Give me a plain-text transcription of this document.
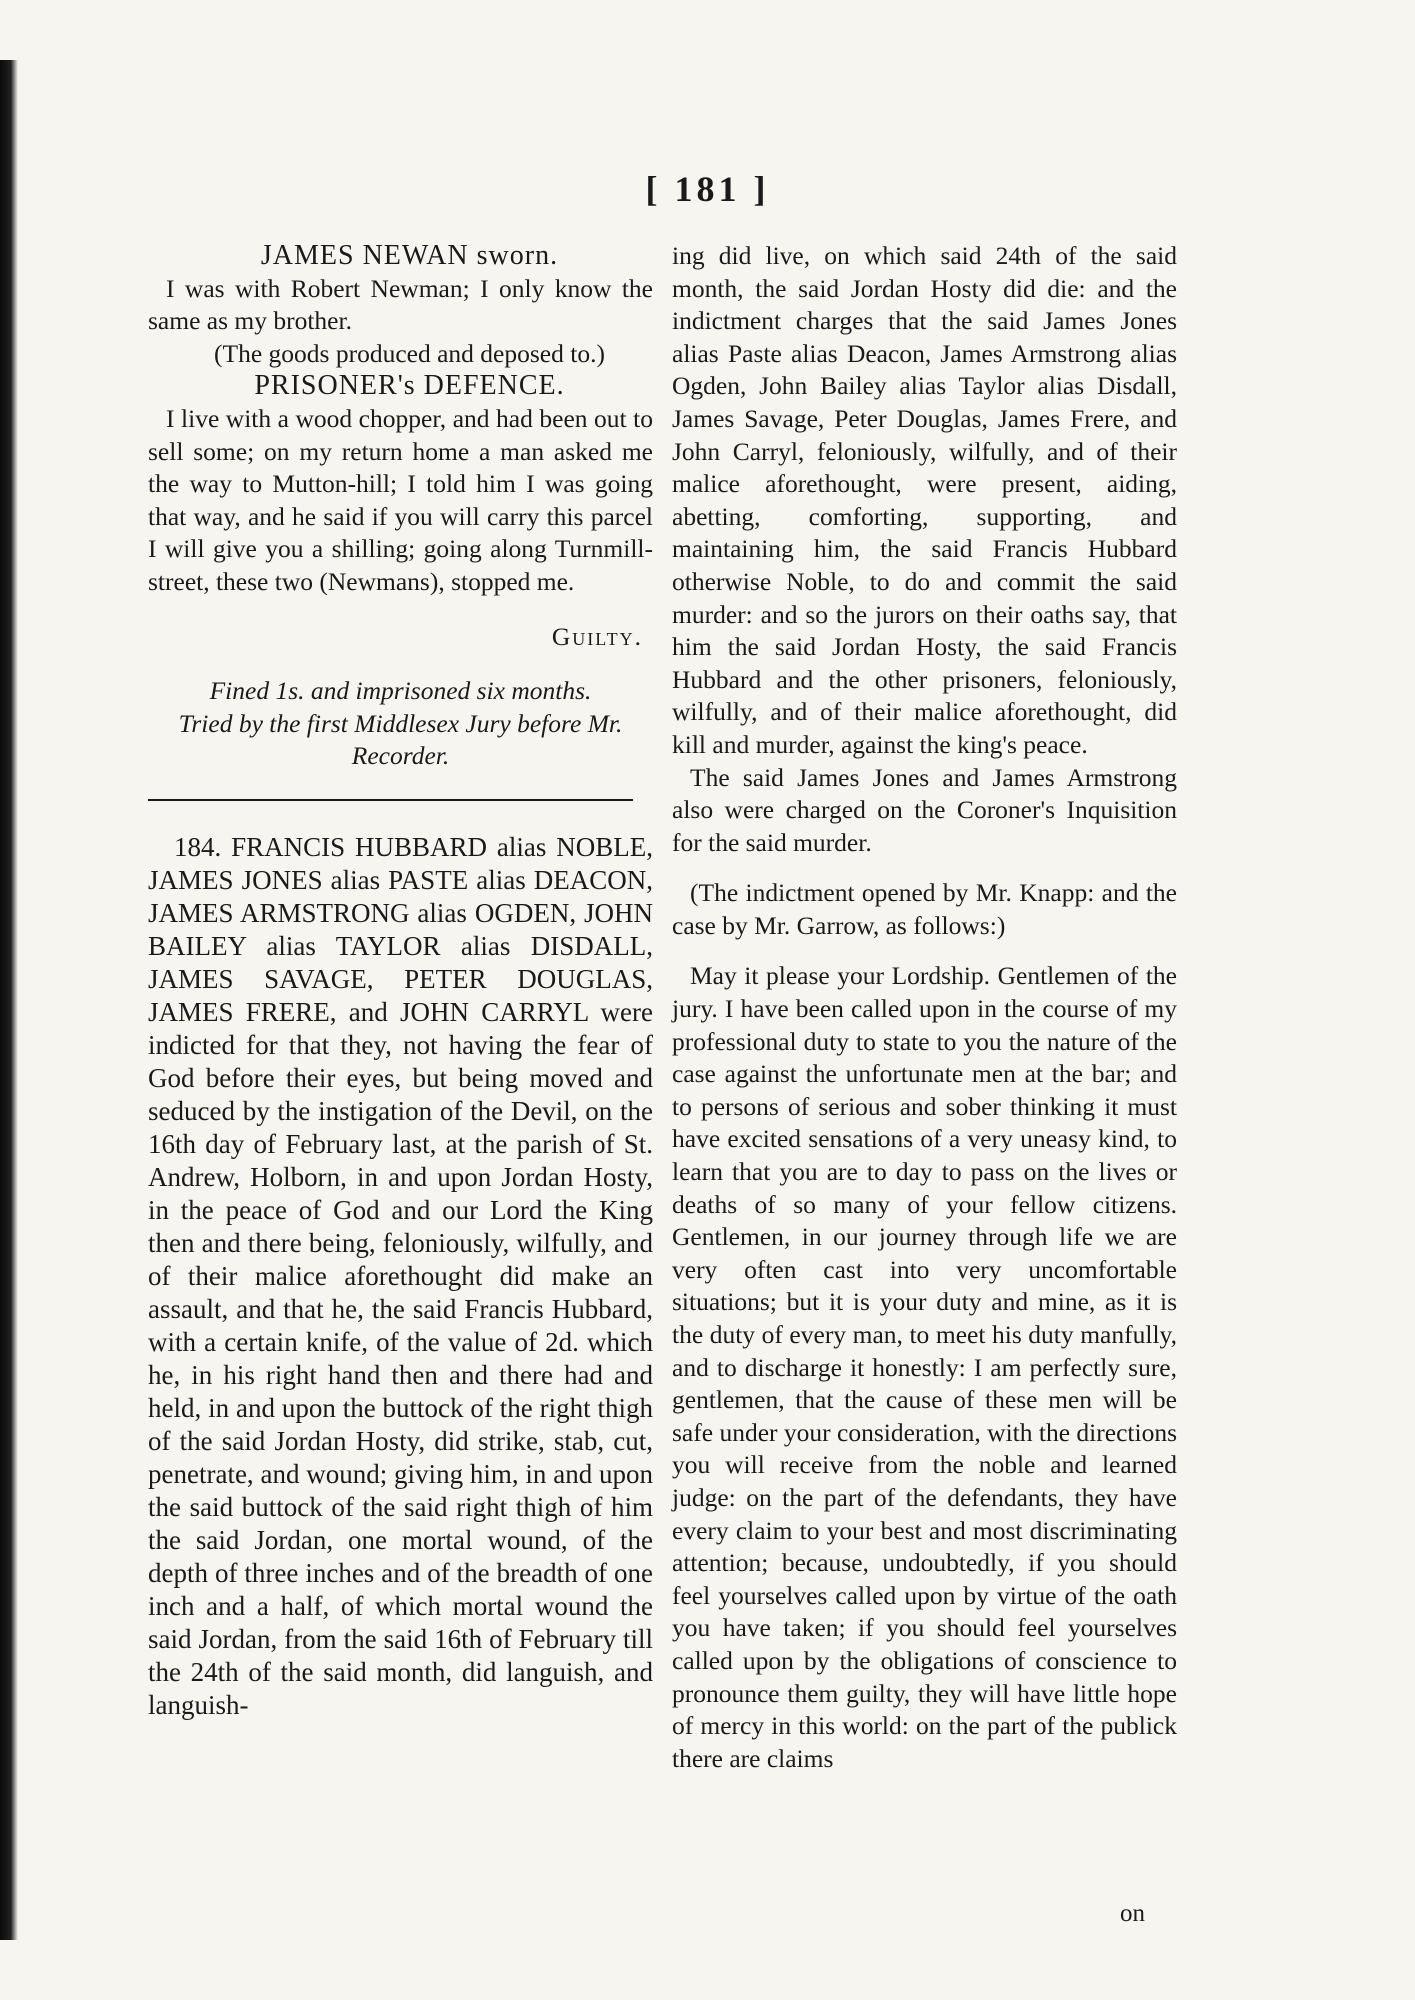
[ 181 ]

JAMES NEWAN sworn.

I was with Robert Newman; I only know the same as my brother.

(The goods produced and deposed to.)

PRISONER's DEFENCE.

I live with a wood chopper, and had been out to sell some; on my return home a man asked me the way to Mutton-hill; I told him I was going that way, and he said if you will carry this parcel I will give you a shilling; going along Turnmill-street, these two (Newmans), stopped me.

Guilty.

Fined 1s. and imprisoned six months.

Tried by the first Middlesex Jury before Mr. Recorder.

184. FRANCIS HUBBARD alias NOBLE, JAMES JONES alias PASTE alias DEACON, JAMES ARMSTRONG alias OGDEN, JOHN BAILEY alias TAYLOR alias DISDALL, JAMES SAVAGE, PETER DOUGLAS, JAMES FRERE, and JOHN CARRYL were indicted for that they, not having the fear of God before their eyes, but being moved and seduced by the instigation of the Devil, on the 16th day of February last, at the parish of St. Andrew, Holborn, in and upon Jordan Hosty, in the peace of God and our Lord the King then and there being, feloniously, wilfully, and of their malice aforethought did make an assault, and that he, the said Francis Hubbard, with a certain knife, of the value of 2d. which he, in his right hand then and there had and held, in and upon the buttock of the right thigh of the said Jordan Hosty, did strike, stab, cut, penetrate, and wound; giving him, in and upon the said buttock of the said right thigh of him the said Jordan, one mortal wound, of the depth of three inches and of the breadth of one inch and a half, of which mortal wound the said Jordan, from the said 16th of February till the 24th of the said month, did languish, and languish-

ing did live, on which said 24th of the said month, the said Jordan Hosty did die: and the indictment charges that the said James Jones alias Paste alias Deacon, James Armstrong alias Ogden, John Bailey alias Taylor alias Disdall, James Savage, Peter Douglas, James Frere, and John Carryl, feloniously, wilfully, and of their malice aforethought, were present, aiding, abetting, comforting, supporting, and maintaining him, the said Francis Hubbard otherwise Noble, to do and commit the said murder: and so the jurors on their oaths say, that him the said Jordan Hosty, the said Francis Hubbard and the other prisoners, feloniously, wilfully, and of their malice aforethought, did kill and murder, against the king's peace.

The said James Jones and James Armstrong also were charged on the Coroner's Inquisition for the said murder.

(The indictment opened by Mr. Knapp: and the case by Mr. Garrow, as follows:)

May it please your Lordship. Gentlemen of the jury. I have been called upon in the course of my professional duty to state to you the nature of the case against the unfortunate men at the bar; and to persons of serious and sober thinking it must have excited sensations of a very uneasy kind, to learn that you are to day to pass on the lives or deaths of so many of your fellow citizens. Gentlemen, in our journey through life we are very often cast into very uncomfortable situations; but it is your duty and mine, as it is the duty of every man, to meet his duty manfully, and to discharge it honestly: I am perfectly sure, gentlemen, that the cause of these men will be safe under your consideration, with the directions you will receive from the noble and learned judge: on the part of the defendants, they have every claim to your best and most discriminating attention; because, undoubtedly, if you should feel yourselves called upon by virtue of the oath you have taken; if you should feel yourselves called upon by the obligations of conscience to pronounce them guilty, they will have little hope of mercy in this world: on the part of the publick there are claims

on
